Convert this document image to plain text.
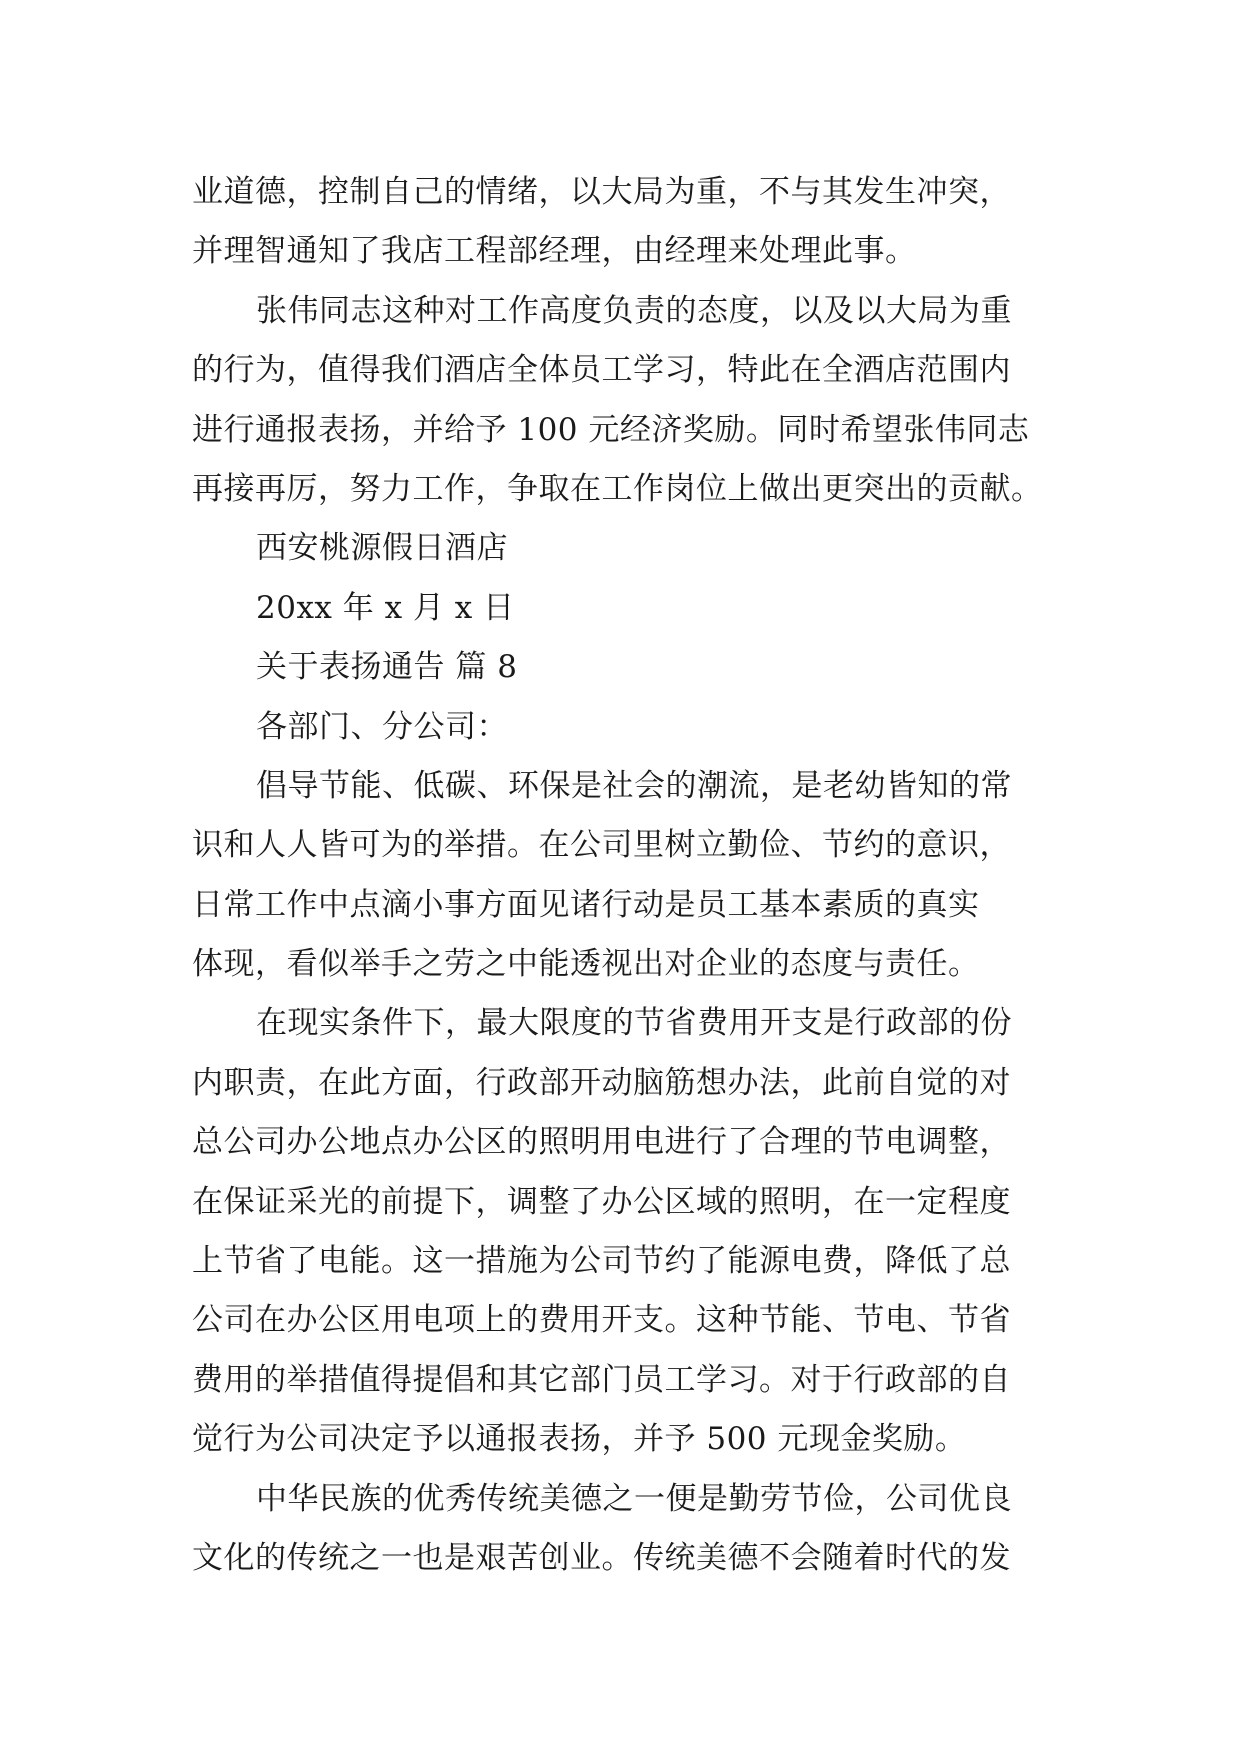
业道德，控制自己的情绪，以大局为重，不与其发生冲突，
并理智通知了我店工程部经理，由经理来处理此事。
张伟同志这种对工作高度负责的态度，以及以大局为重
的行为，值得我们酒店全体员工学习，特此在全酒店范围内
进行通报表扬，并给予 100 元经济奖励。同时希望张伟同志
再接再厉，努力工作，争取在工作岗位上做出更突出的贡献。
西安桃源假日酒店
20xx 年 x 月 x 日
关于表扬通告 篇 8
各部门、分公司：
倡导节能、低碳、环保是社会的潮流，是老幼皆知的常
识和人人皆可为的举措。在公司里树立勤俭、节约的意识，
日常工作中点滴小事方面见诸行动是员工基本素质的真实
体现，看似举手之劳之中能透视出对企业的态度与责任。
在现实条件下，最大限度的节省费用开支是行政部的份
内职责，在此方面，行政部开动脑筋想办法，此前自觉的对
总公司办公地点办公区的照明用电进行了合理的节电调整，
在保证采光的前提下，调整了办公区域的照明，在一定程度
上节省了电能。这一措施为公司节约了能源电费，降低了总
公司在办公区用电项上的费用开支。这种节能、节电、节省
费用的举措值得提倡和其它部门员工学习。对于行政部的自
觉行为公司决定予以通报表扬，并予 500 元现金奖励。
中华民族的优秀传统美德之一便是勤劳节俭，公司优良
文化的传统之一也是艰苦创业。传统美德不会随着时代的发
